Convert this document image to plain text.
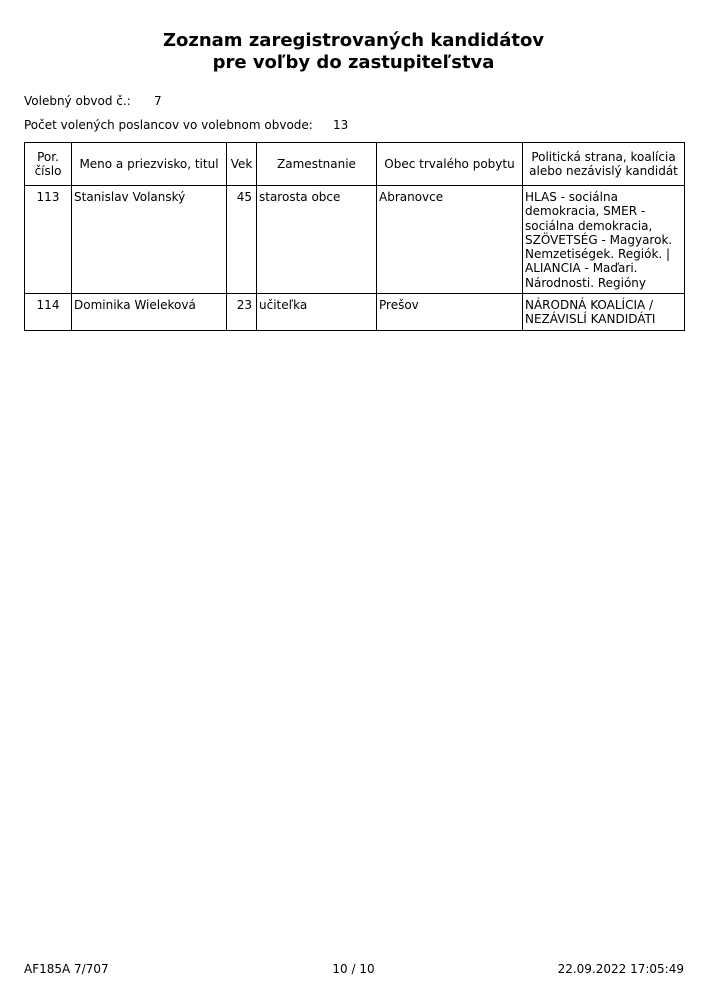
Zoznam zaregistrovaných kandidátov
pre voľby do zastupiteľstva
Volebný obvod č.: 7
Počet volených poslancov vo volebnom obvode: 13
Por. číslo	Meno a priezvisko, titul	Vek	Zamestnanie	Obec trvalého pobytu	Politická strana, koalícia alebo nezávislý kandidát
113	Stanislav Volanský	45	starosta obce	Abranovce	HLAS - sociálna demokracia, SMER - sociálna demokracia, SZÖVETSÉG - Magyarok. Nemzetiségek. Regiók. | ALIANCIA - Maďari. Národnosti. Regióny
114	Dominika Wieleková	23	učiteľka	Prešov	NÁRODNÁ KOALÍCIA / NEZÁVISLÍ KANDIDÁTI
AF185A 7/707	10 / 10	22.09.2022 17:05:49
